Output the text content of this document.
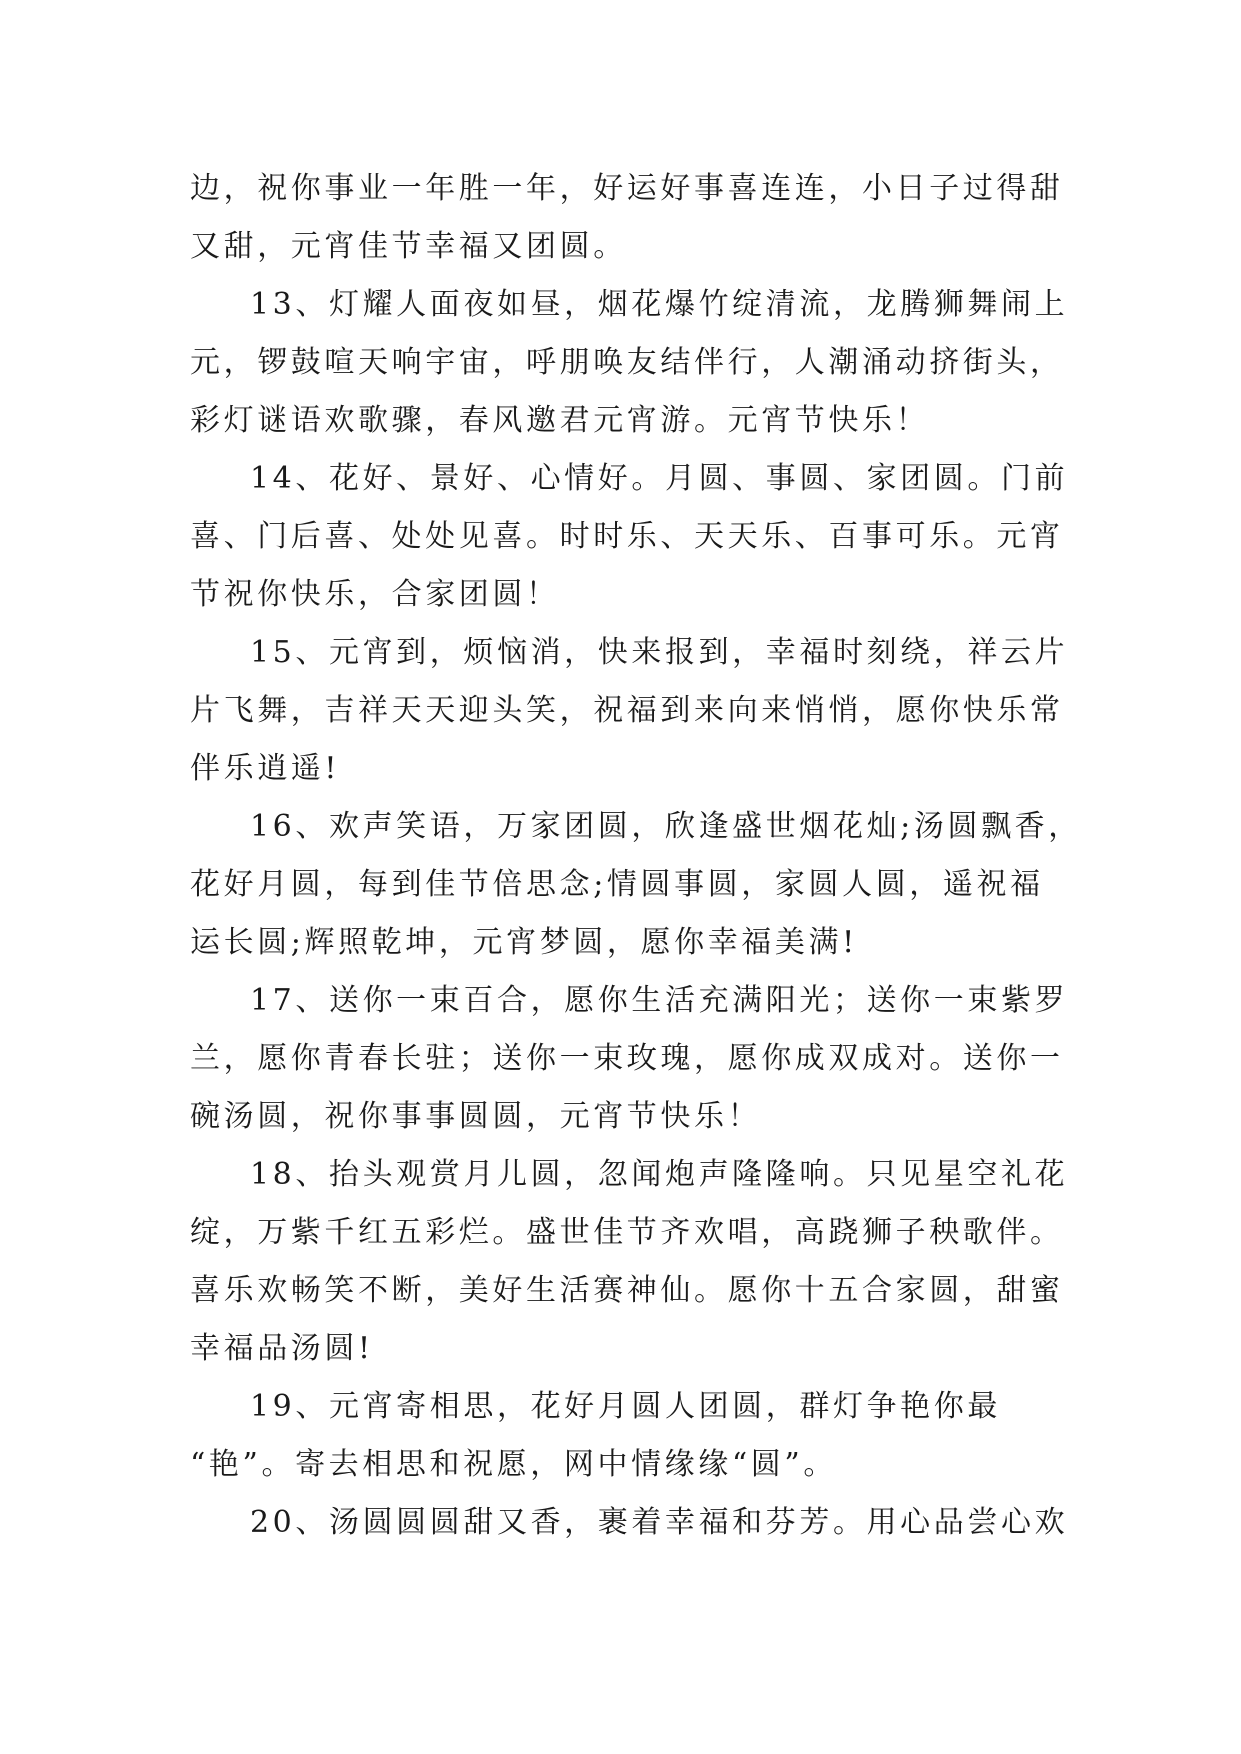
边，祝你事业一年胜一年，好运好事喜连连，小日子过得甜
又甜，元宵佳节幸福又团圆。
13、灯耀人面夜如昼，烟花爆竹绽清流，龙腾狮舞闹上
元，锣鼓喧天响宇宙，呼朋唤友结伴行，人潮涌动挤街头，
彩灯谜语欢歌骤，春风邀君元宵游。元宵节快乐！
14、花好、景好、心情好。月圆、事圆、家团圆。门前
喜、门后喜、处处见喜。时时乐、天天乐、百事可乐。元宵
节祝你快乐，合家团圆！
15、元宵到，烦恼消，快来报到，幸福时刻绕，祥云片
片飞舞，吉祥天天迎头笑，祝福到来向来悄悄，愿你快乐常
伴乐逍遥!
16、欢声笑语，万家团圆，欣逢盛世烟花灿;汤圆飘香，
花好月圆，每到佳节倍思念;情圆事圆，家圆人圆，遥祝福
运长圆;辉照乾坤，元宵梦圆，愿你幸福美满!
17、送你一束百合，愿你生活充满阳光；送你一束紫罗
兰，愿你青春长驻；送你一束玫瑰，愿你成双成对。送你一
碗汤圆，祝你事事圆圆，元宵节快乐！
18、抬头观赏月儿圆，忽闻炮声隆隆响。只见星空礼花
绽，万紫千红五彩烂。盛世佳节齐欢唱，高跷狮子秧歌伴。
喜乐欢畅笑不断，美好生活赛神仙。愿你十五合家圆，甜蜜
幸福品汤圆!
19、元宵寄相思，花好月圆人团圆，群灯争艳你最
“艳”。寄去相思和祝愿，网中情缘缘“圆”。
20、汤圆圆圆甜又香，裹着幸福和芬芳。用心品尝心欢
